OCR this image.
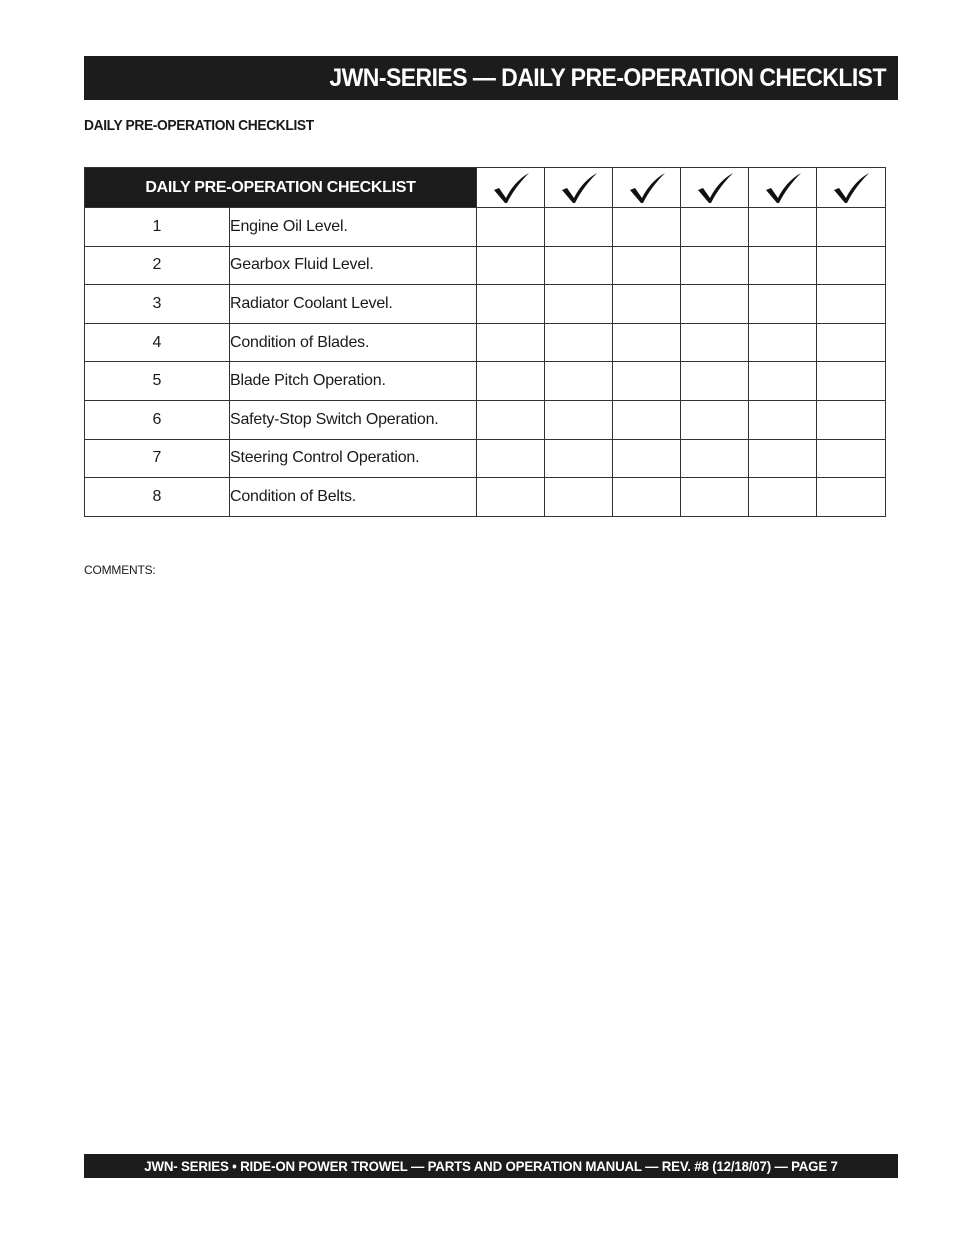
JWN-SERIES — DAILY PRE-OPERATION CHECKLIST
DAILY PRE-OPERATION CHECKLIST
DAILY PRE-OPERATION CHECKLIST	

1	Engine Oil Level.						
2	Gearbox Fluid Level.						
3	Radiator Coolant Level.						
4	Condition of Blades.						
5	Blade Pitch Operation.						
6	Safety-Stop Switch Operation.						
7	Steering Control Operation.						
8	Condition of Belts.						
COMMENTS:
JWN- SERIES • RIDE-ON POWER TROWEL — PARTS AND OPERATION MANUAL — REV. #8 (12/18/07) — PAGE 7
